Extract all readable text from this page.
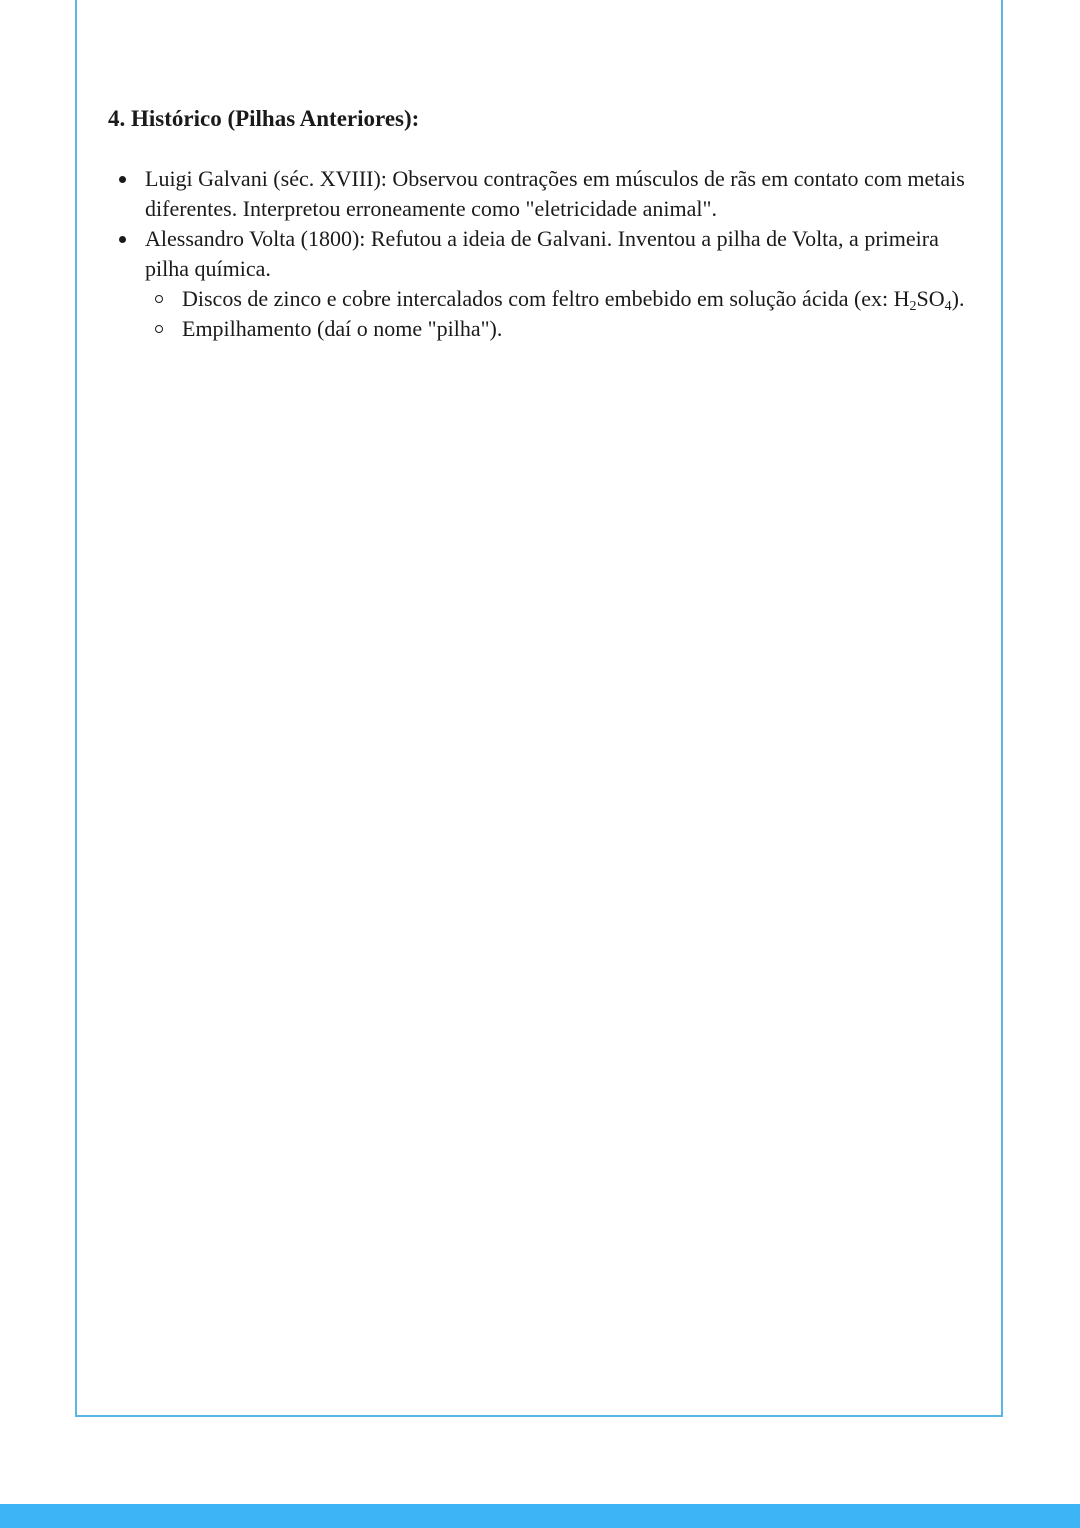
4. Histórico (Pilhas Anteriores):
Luigi Galvani (séc. XVIII): Observou contrações em músculos de rãs em contato com metais diferentes. Interpretou erroneamente como "eletricidade animal".
Alessandro Volta (1800): Refutou a ideia de Galvani. Inventou a pilha de Volta, a primeira pilha química.
Discos de zinco e cobre intercalados com feltro embebido em solução ácida (ex: $H_2SO_4$).
Empilhamento (daí o nome "pilha").
